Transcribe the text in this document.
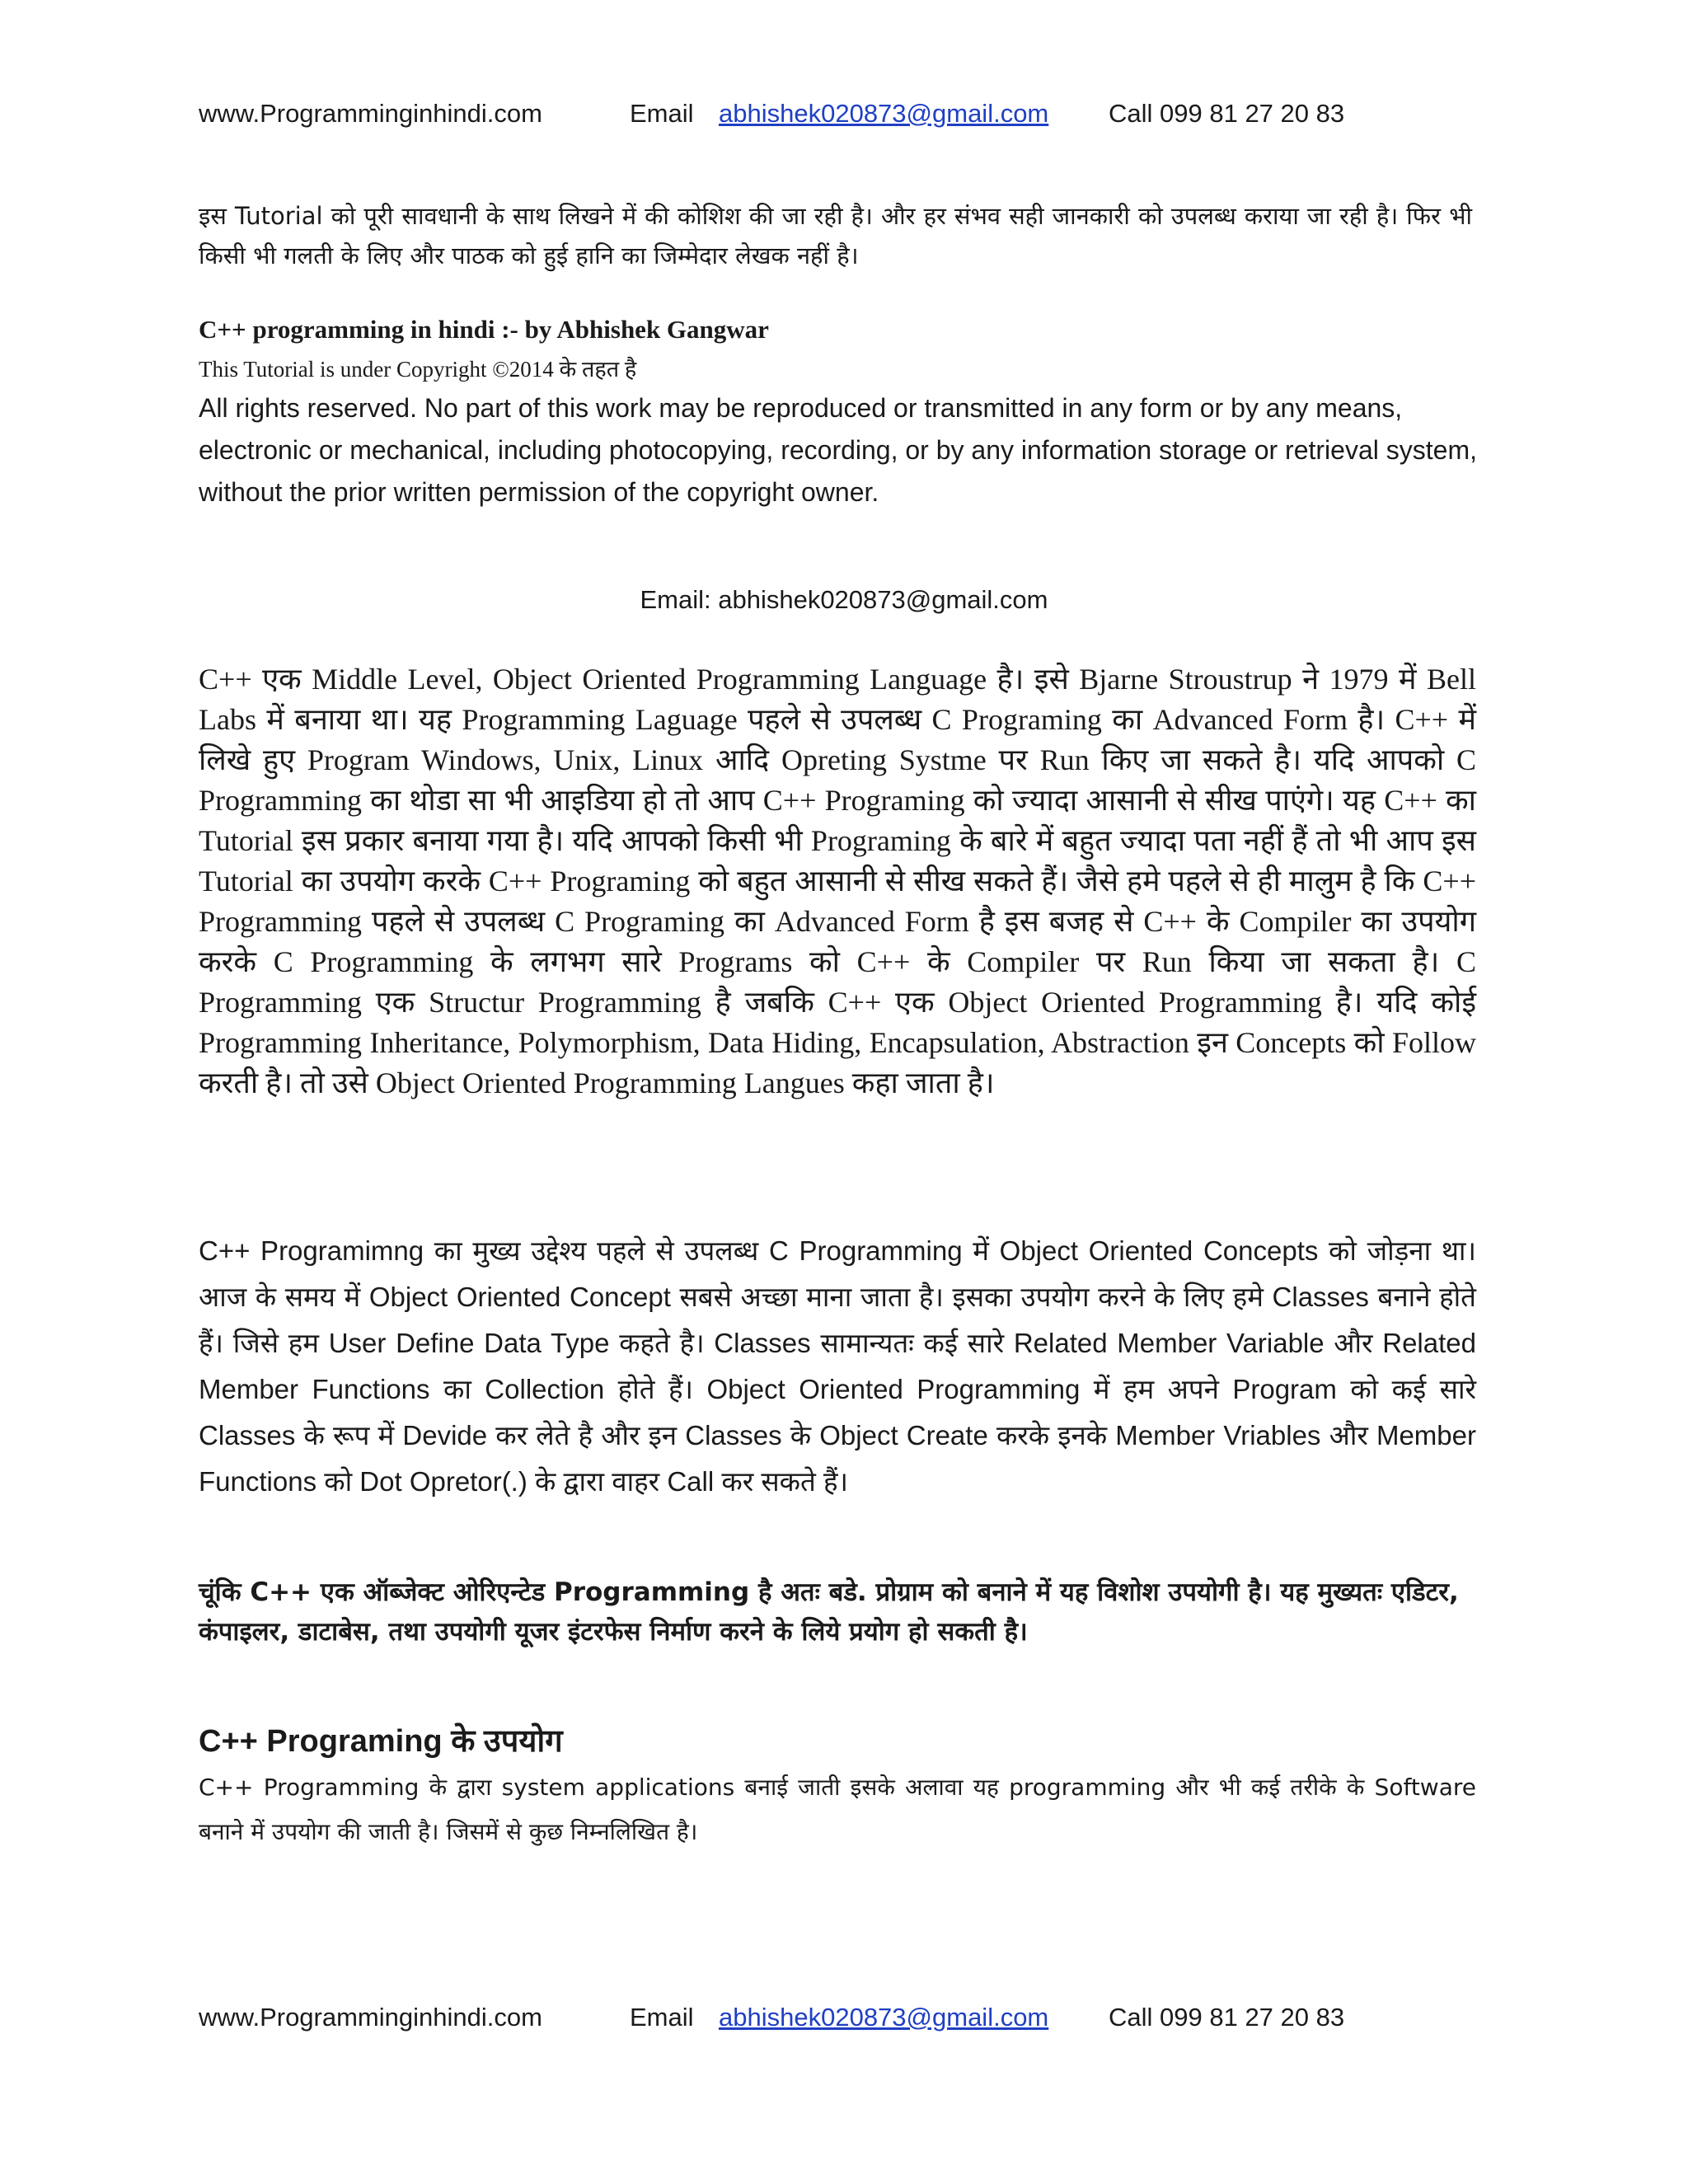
www.Programminginhindi.com	Email abhishek020873@gmail.com Call 099 81 27 20 83
इस Tutorial को पूरी सावधानी के साथ लिखने में की कोशिश की जा रही है। और हर संभव सही जानकारी को उपलब्ध कराया जा रही है। फिर भी किसी भी गलती के लिए और पाठक को हुई हानि का जिम्मेदार लेखक नहीं है।
C++ programming in hindi :- by Abhishek Gangwar
This Tutorial is under Copyright ©2014 के तहत है
All rights reserved. No part of this work may be reproduced or transmitted in any form or by any means, electronic or mechanical, including photocopying, recording, or by any information storage or retrieval system, without the prior written permission of the copyright owner.
Email: abhishek020873@gmail.com
C++ एक Middle Level, Object Oriented Programming Language है। इसे Bjarne Stroustrup ने 1979 में Bell Labs में बनाया था। यह Programming Laguage पहले से उपलब्ध C Programing का Advanced Form है। C++ में लिखे हुए Program Windows, Unix, Linux आदि Opreting Systme पर Run किए जा सकते है। यदि आपको C Programming का थोडा सा भी आइडिया हो तो आप C++ Programing को ज्यादा आसानी से सीख पाएंगे। यह C++ का Tutorial इस प्रकार बनाया गया है। यदि आपको किसी भी Programing के बारे में बहुत ज्यादा पता नहीं हैं तो भी आप इस Tutorial का उपयोग करके C++ Programing को बहुत आसानी से सीख सकते हैं। जैसे हमे पहले से ही मालुम है कि C++ Programming पहले से उपलब्ध C Programing का Advanced Form है इस बजह से C++ के Compiler का उपयोग करके C Programming के लगभग सारे Programs को C++ के Compiler पर Run किया जा सकता है। C Programming एक Structur Programming है जबकि C++ एक Object Oriented Programming है। यदि कोई Programming Inheritance, Polymorphism, Data Hiding, Encapsulation, Abstraction इन Concepts को Follow करती है। तो उसे Object Oriented Programming Langues कहा जाता है।
C++ Programimng का मुख्य उद्देश्य पहले से उपलब्ध C Programming में Object Oriented Concepts को जोड़ना था। आज के समय में Object Oriented Concept सबसे अच्छा माना जाता है। इसका उपयोग करने के लिए हमे Classes बनाने होते हैं। जिसे हम User Define Data Type कहते है। Classes सामान्यतः कई सारे Related Member Variable और Related Member Functions का Collection होते हैं। Object Oriented Programming में हम अपने Program को कई सारे Classes के रूप में Devide कर लेते है और इन Classes के Object Create करके इनके Member Vriables और Member Functions को Dot Opretor(.) के द्वारा वाहर Call कर सकते हैं।
चूंकि C++ एक ऑब्जेक्ट ओरिएन्टेड Programming है अतः बडे. प्रोग्राम को बनाने में यह विशोश उपयोगी है। यह मुख्यतः एडिटर, कंपाइलर, डाटाबेस, तथा उपयोगी यूजर इंटरफेस निर्माण करने के लिये प्रयोग हो सकती है।
C++ Programing के उपयोग
C++ Programming के द्वारा system applications बनाई जाती इसके अलावा यह programming और भी कई तरीके के Software बनाने में उपयोग की जाती है। जिसमें से कुछ निम्नलिखित है।
www.Programminginhindi.com	Email abhishek020873@gmail.com Call 099 81 27 20 83
